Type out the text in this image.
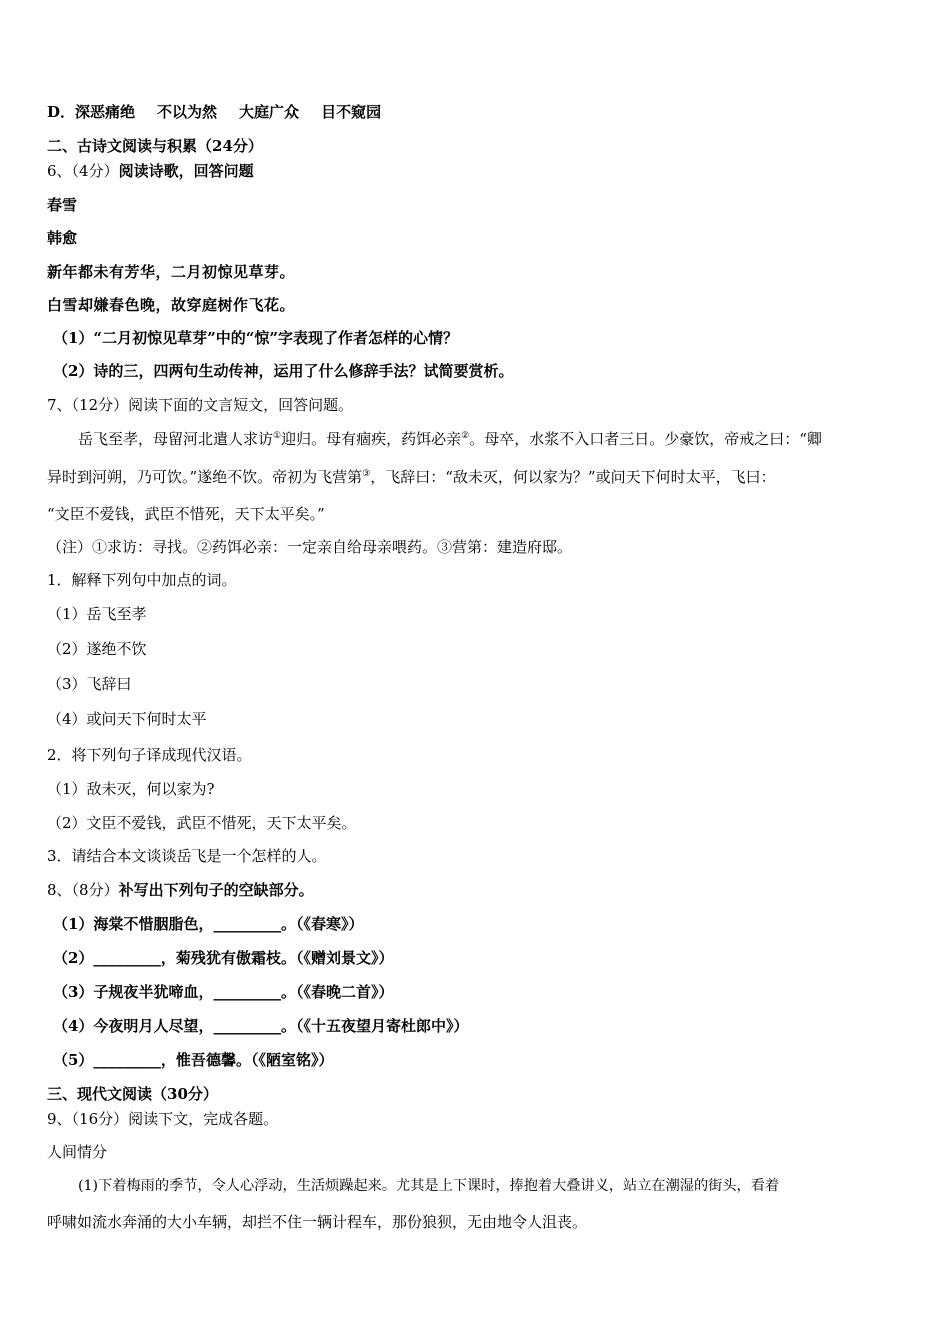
D．深恶痛绝 不以为然 大庭广众 目不窥园
二、古诗文阅读与积累（24分）
6、（4分）阅读诗歌，回答问题
春雪
韩愈
新年都未有芳华，二月初惊见草芽。
白雪却嫌春色晚，故穿庭树作飞花。
（1）“二月初惊见草芽”中的“惊”字表现了作者怎样的心情？
（2）诗的三，四两句生动传神，运用了什么修辞手法？试简要赏析。
7、（12分）阅读下面的文言短文，回答问题。
岳飞至孝，母留河北遣人求访①迎归。母有痼疾，药饵必亲②。母卒，水浆不入口者三日。少豪饮，帝戒之曰：“卿
异时到河朔，乃可饮。”遂绝不饮。帝初为飞营第③，飞辞曰：“敌未灭，何以家为？”或问天下何时太平，飞曰：
“文臣不爱钱，武臣不惜死，天下太平矣。”
（注）①求访：寻找。②药饵必亲：一定亲自给母亲喂药。③营第：建造府邸。
1．解释下列句中加点的词。
（1）岳飞至孝
（2）遂绝不饮
（3）飞辞曰
（4）或问天下何时太平
2．将下列句子译成现代汉语。
（1）敌未灭，何以家为?
（2）文臣不爱钱，武臣不惜死，天下太平矣。
3．请结合本文谈谈岳飞是一个怎样的人。
8、（8分）补写出下列句子的空缺部分。
（1）海棠不惜胭脂色，_________。（《春寒》）
（2）_________，菊残犹有傲霜枝。（《赠刘景文》）
（3）子规夜半犹啼血，_________。（《春晚二首》）
（4）今夜明月人尽望，_________。（《十五夜望月寄杜郎中》）
（5）_________，惟吾德馨。（《陋室铭》）
三、现代文阅读（30分）
9、（16分）阅读下文，完成各题。
人间情分
(1)下着梅雨的季节，令人心浮动，生活烦躁起来。尤其是上下课时，捧抱着大叠讲义，站立在潮湿的街头，看着
呼啸如流水奔涌的大小车辆，却拦不住一辆计程车，那份狼狈，无由地令人沮丧。
